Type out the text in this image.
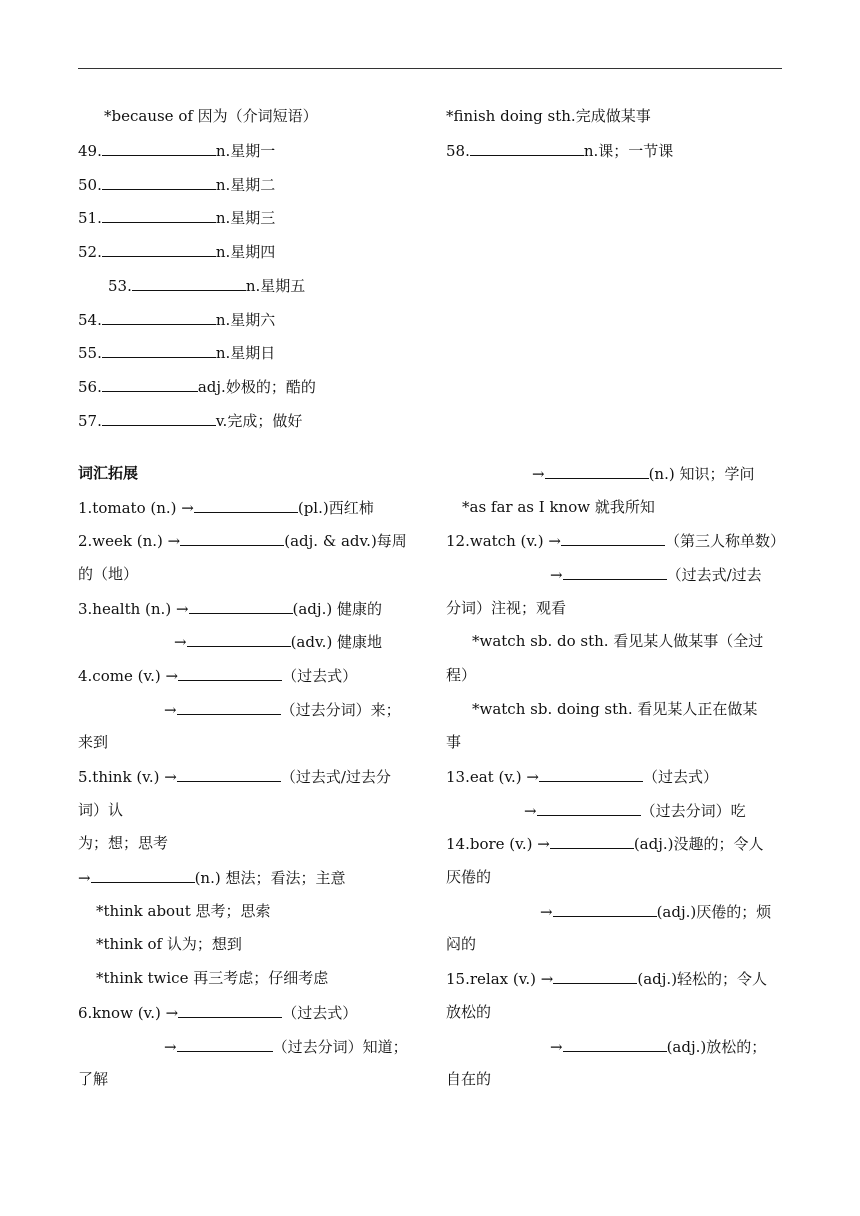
*because of 因为（介词短语）	*finish doing sth.完成做某事
49.	n.星期一
50.	n.星期二
51.	n.星期三
52.	n.星期四
53.	n.星期五
54.	n.星期六
55.	n.星期日
56.	adj.妙极的；酷的
57.	v.完成；做好
58.	n.课；一节课
词汇拓展
1.tomato (n.) →	(pl.)西红柿
2.week (n.) →	(adj. & adv.)每周
的（地）
3.health (n.) →	(adj.) 健康的
→	(adv.) 健康地
4.come (v.) →	（过去式）
→	（过去分词）来；
来到
5.think (v.) →	（过去式/过去分
词）认
为；想；思考
→	(n.) 想法；看法；主意
*think about 思考；思索
*think of 认为；想到
*think twice 再三考虑；仔细考虑
6.know (v.) →	（过去式）
→	（过去分词）知道；
了解
→	(n.) 知识；学问
*as far as I know 就我所知
12.watch (v.) →	（第三人称单数）
→	（过去式/过去
分词）注视；观看
*watch sb. do sth. 看见某人做某事（全过
程）
*watch sb. doing sth. 看见某人正在做某
事
13.eat (v.) →	（过去式）
→	（过去分词）吃
14.bore (v.) →	(adj.)没趣的；令人
厌倦的
→	(adj.)厌倦的；烦
闷的
15.relax (v.) →	(adj.)轻松的；令人
放松的
→	(adj.)放松的；
自在的
